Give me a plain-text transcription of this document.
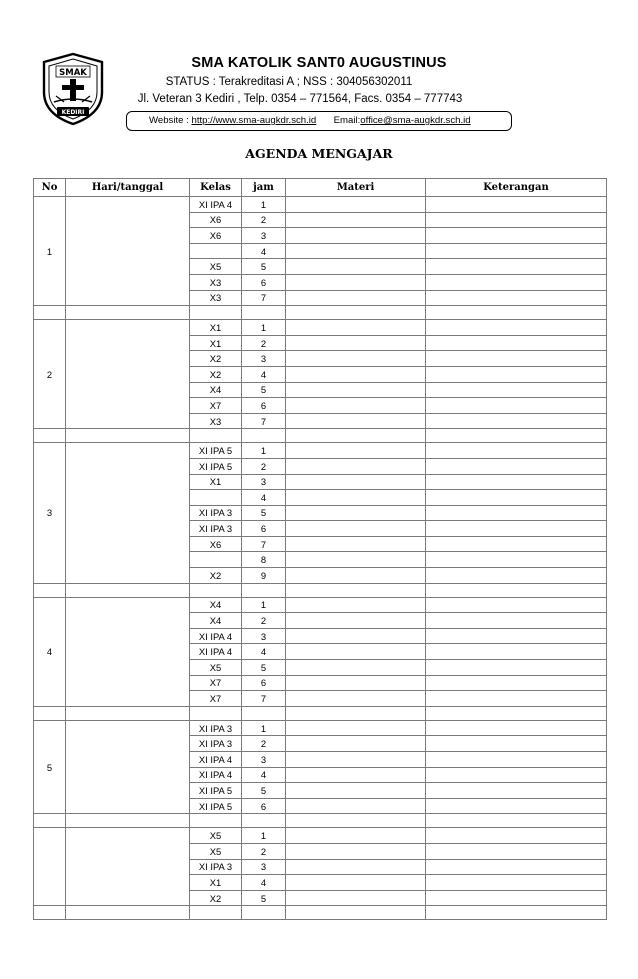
SMAK
KEDIRI
SMA KATOLIK SANT0 AUGUSTINUS
STATUS : Terakreditasi A ; NSS : 304056302011
Jl. Veteran 3 Kediri , Telp. 0354 – 771564, Facs. 0354 – 777743
Website : http://www.sma-augkdr.sch.id Email:office@sma-augkdr.sch.id
AGENDA MENGAJAR
No	Hari/tanggal	Kelas	jam	Materi	Keterangan
1		XI IPA 4	1		
		X6	2		
		X6	3		
			4		
		X5	5		
		X3	6		
		X3	7		

2		X1	1		
		X1	2		
		X2	3		
		X2	4		
		X4	5		
		X7	6		
		X3	7		

3		XI IPA 5	1		
		XI IPA 5	2		
		X1	3		
			4		
		XI IPA 3	5		
		XI IPA 3	6		
		X6	7		
			8		
		X2	9		

4		X4	1		
		X4	2		
		XI IPA 4	3		
		XI IPA 4	4		
		X5	5		
		X7	6		
		X7	7		

5		XI IPA 3	1		
		XI IPA 3	2		
		XI IPA 4	3		
		XI IPA 4	4		
		XI IPA 5	5		
		XI IPA 5	6		

		X5	1		
		X5	2		
		XI IPA 3	3		
		X1	4		
		X2	5		
